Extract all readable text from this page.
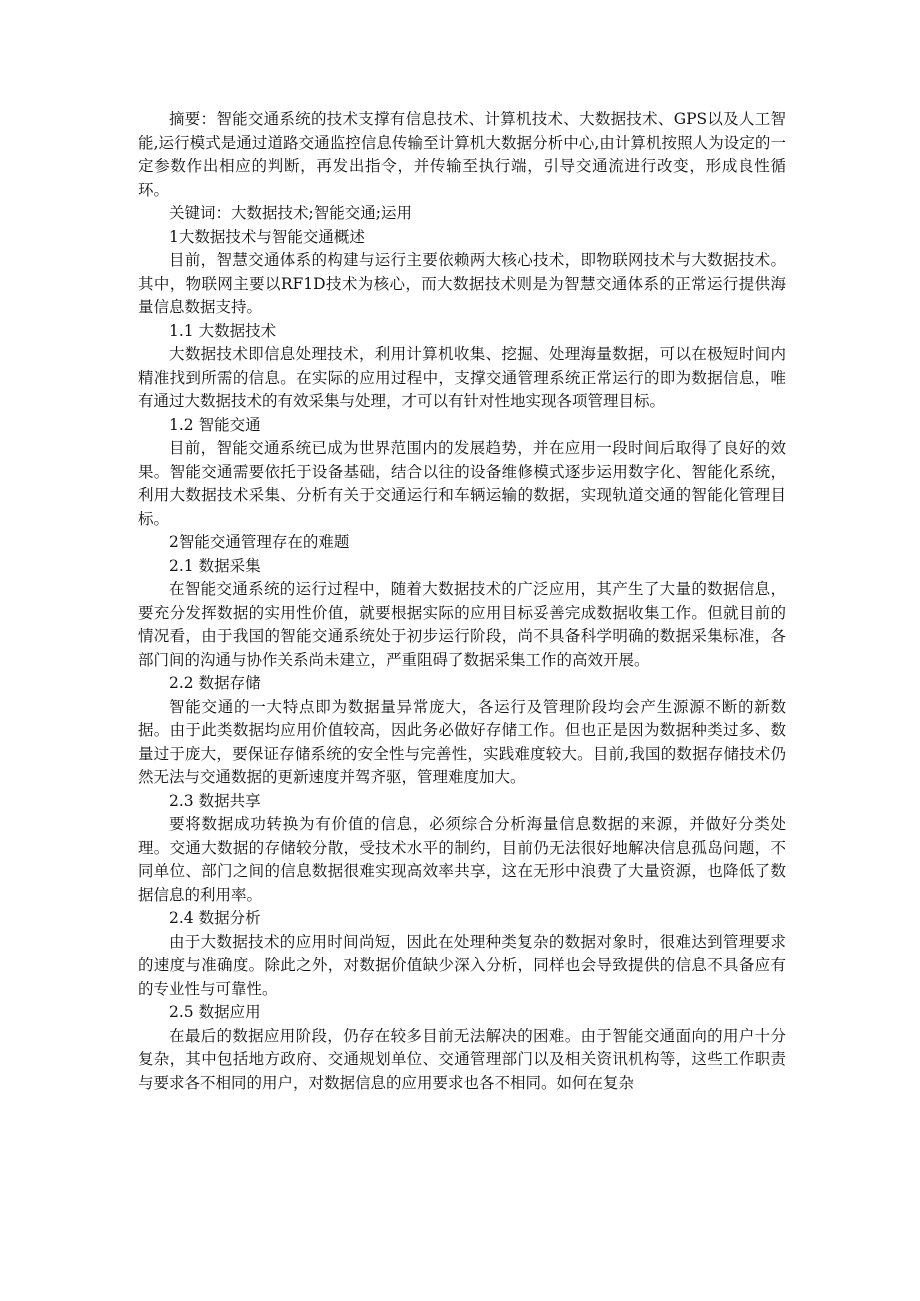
摘要：智能交通系统的技术支撑有信息技术、计算机技术、大数据技术、GPS以及人工智能,运行模式是通过道路交通监控信息传输至计算机大数据分析中心,由计算机按照人为设定的一定参数作出相应的判断，再发出指令，并传输至执行端，引导交通流进行改变，形成良性循环。

关键词：大数据技术;智能交通;运用

1大数据技术与智能交通概述

目前，智慧交通体系的构建与运行主要依赖两大核心技术，即物联网技术与大数据技术。其中，物联网主要以RF1D技术为核心，而大数据技术则是为智慧交通体系的正常运行提供海量信息数据支持。

1.1 大数据技术

大数据技术即信息处理技术，利用计算机收集、挖掘、处理海量数据，可以在极短时间内精准找到所需的信息。在实际的应用过程中，支撑交通管理系统正常运行的即为数据信息，唯有通过大数据技术的有效采集与处理，才可以有针对性地实现各项管理目标。

1.2 智能交通

目前，智能交通系统已成为世界范围内的发展趋势，并在应用一段时间后取得了良好的效果。智能交通需要依托于设备基础，结合以往的设备维修模式逐步运用数字化、智能化系统，利用大数据技术采集、分析有关于交通运行和车辆运输的数据，实现轨道交通的智能化管理目标。

2智能交通管理存在的难题

2.1 数据采集

在智能交通系统的运行过程中，随着大数据技术的广泛应用，其产生了大量的数据信息，要充分发挥数据的实用性价值，就要根据实际的应用目标妥善完成数据收集工作。但就目前的情况看，由于我国的智能交通系统处于初步运行阶段，尚不具备科学明确的数据采集标准，各部门间的沟通与协作关系尚未建立，严重阻碍了数据采集工作的高效开展。

2.2 数据存储

智能交通的一大特点即为数据量异常庞大，各运行及管理阶段均会产生源源不断的新数据。由于此类数据均应用价值较高，因此务必做好存储工作。但也正是因为数据种类过多、数量过于庞大，要保证存储系统的安全性与完善性，实践难度较大。目前,我国的数据存储技术仍然无法与交通数据的更新速度并驾齐驱，管理难度加大。

2.3 数据共享

要将数据成功转换为有价值的信息，必须综合分析海量信息数据的来源，并做好分类处理。交通大数据的存储较分散，受技术水平的制约，目前仍无法很好地解决信息孤岛问题，不同单位、部门之间的信息数据很难实现高效率共享，这在无形中浪费了大量资源，也降低了数据信息的利用率。

2.4 数据分析

由于大数据技术的应用时间尚短，因此在处理种类复杂的数据对象时，很难达到管理要求的速度与准确度。除此之外，对数据价值缺少深入分析，同样也会导致提供的信息不具备应有的专业性与可靠性。

2.5 数据应用

在最后的数据应用阶段，仍存在较多目前无法解决的困难。由于智能交通面向的用户十分复杂，其中包括地方政府、交通规划单位、交通管理部门以及相关资讯机构等，这些工作职责与要求各不相同的用户，对数据信息的应用要求也各不相同。如何在复杂
